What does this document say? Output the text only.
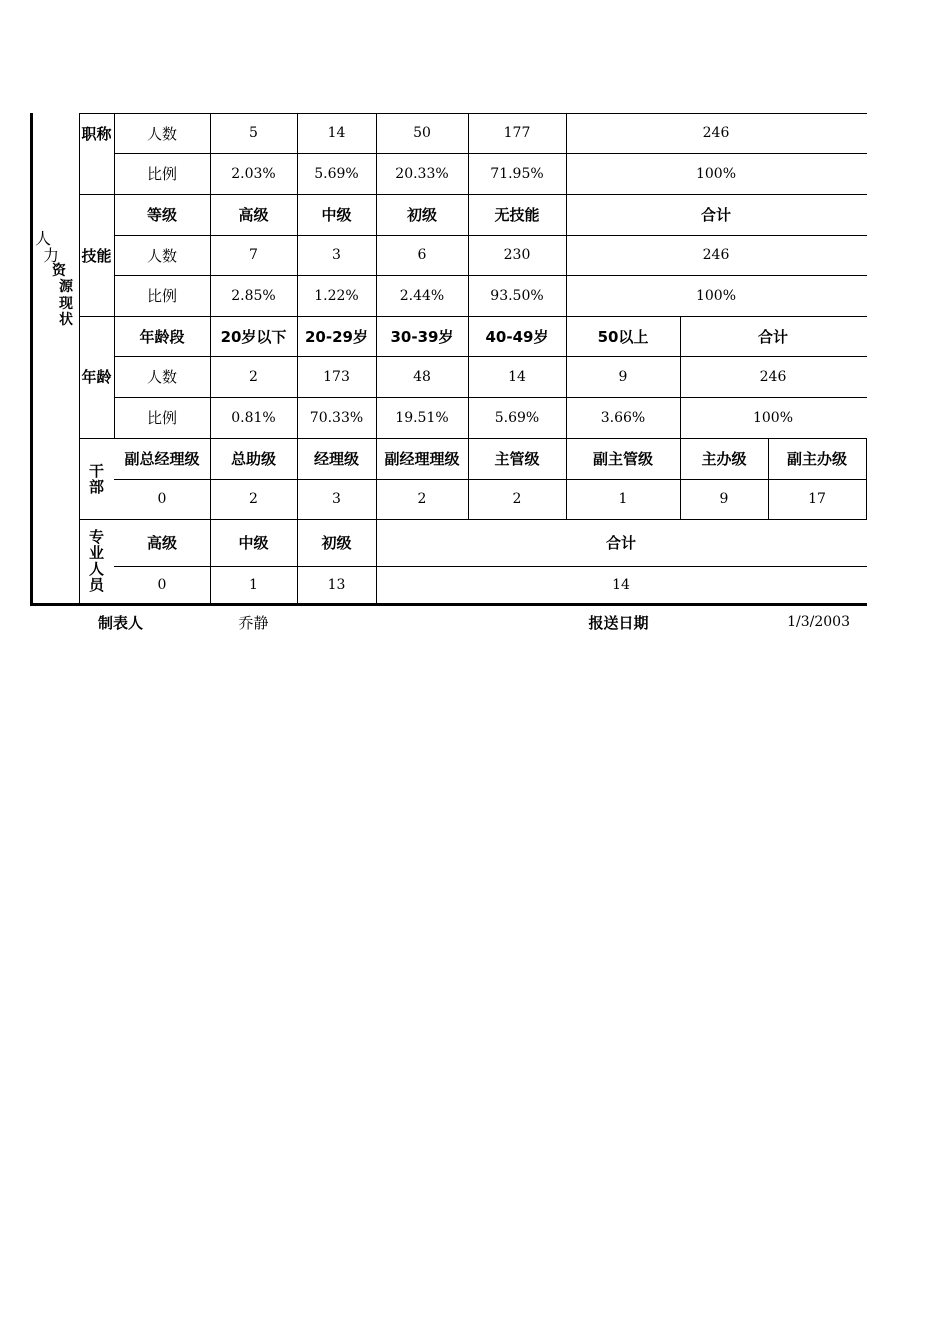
人
力
资
源
现
状
职称	人数	5	14	50	177	246
比例	2.03%	5.69%	20.33%	71.95%	100%
技能
等级	高级	中级	初级	无技能	合计
人数	7	3	6	230	246
比例	2.85%	1.22%	2.44%	93.50%	100%
年龄
年龄段	20岁以下	20-29岁	30-39岁	40-49岁	50以上	合计
人数	2	173	48	14	9	246
比例	0.81%	70.33%	19.51%	5.69%	3.66%	100%
干
部
副总经理级	总助级	经理级	副经理理级	主管级	副主管级	主办级	副主办级
0	2	3	2	2	1	9	17
专
业
人
员
高级	中级	初级	合计
0	1	13	14
制表人	乔静	报送日期	1/3/2003
